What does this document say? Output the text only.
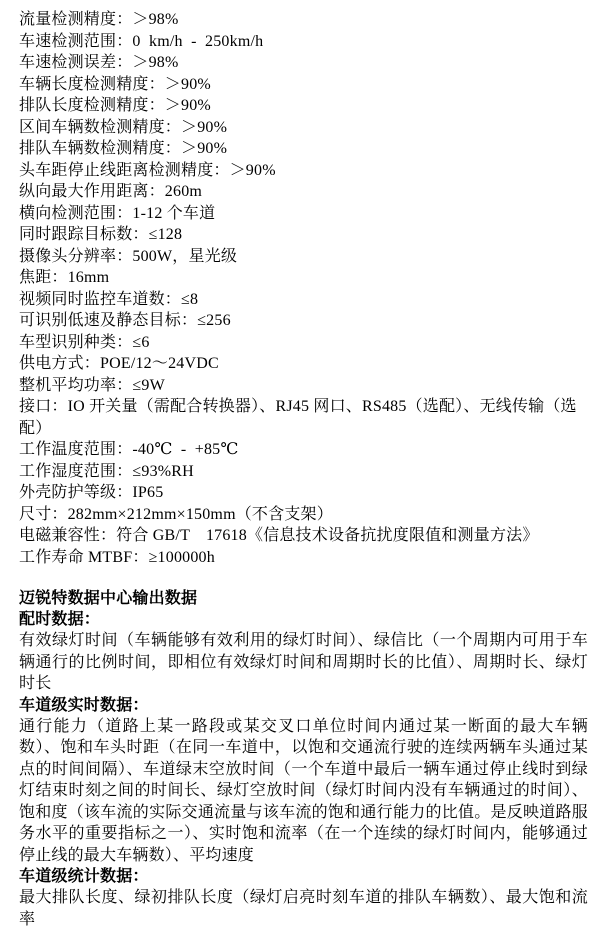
流量检测精度：＞98%
车速检测范围：0  km/h  -  250km/h
车速检测误差：＞98%
车辆长度检测精度：＞90%
排队长度检测精度：＞90%
区间车辆数检测精度：＞90%
排队车辆数检测精度：＞90%
头车距停止线距离检测精度：＞90%
纵向最大作用距离：260m
横向检测范围：1-12 个车道
同时跟踪目标数：≤128
摄像头分辨率：500W，星光级
焦距：16mm
视频同时监控车道数：≤8
可识别低速及静态目标：≤256
车型识别种类：≤6
供电方式：POE/12～24VDC
整机平均功率：≤9W
接口：IO 开关量（需配合转换器）、RJ45 网口、RS485（选配）、无线传输（选配）
工作温度范围：-40℃  -  +85℃
工作湿度范围：≤93%RH
外壳防护等级：IP65
尺寸：282mm×212mm×150mm（不含支架）
电磁兼容性：符合 GB/T　17618《信息技术设备抗扰度限值和测量方法》
工作寿命 MTBF：≥100000h
迈锐特数据中心输出数据
配时数据：
有效绿灯时间（车辆能够有效利用的绿灯时间）、绿信比（一个周期内可用于车辆通行的比例时间，即相位有效绿灯时间和周期时长的比值）、周期时长、绿灯时长
车道级实时数据：
通行能力（道路上某一路段或某交叉口单位时间内通过某一断面的最大车辆数）、饱和车头时距（在同一车道中，以饱和交通流行驶的连续两辆车头通过某点的时间间隔）、车道绿末空放时间（一个车道中最后一辆车通过停止线时到绿灯结束时刻之间的时间长、绿灯空放时间（绿灯时间内没有车辆通过的时间）、饱和度（该车流的实际交通流量与该车流的饱和通行能力的比值。是反映道路服务水平的重要指标之一）、实时饱和流率（在一个连续的绿灯时间内，能够通过停止线的最大车辆数）、平均速度
车道级统计数据：
最大排队长度、绿初排队长度（绿灯启亮时刻车道的排队车辆数）、最大饱和流率
